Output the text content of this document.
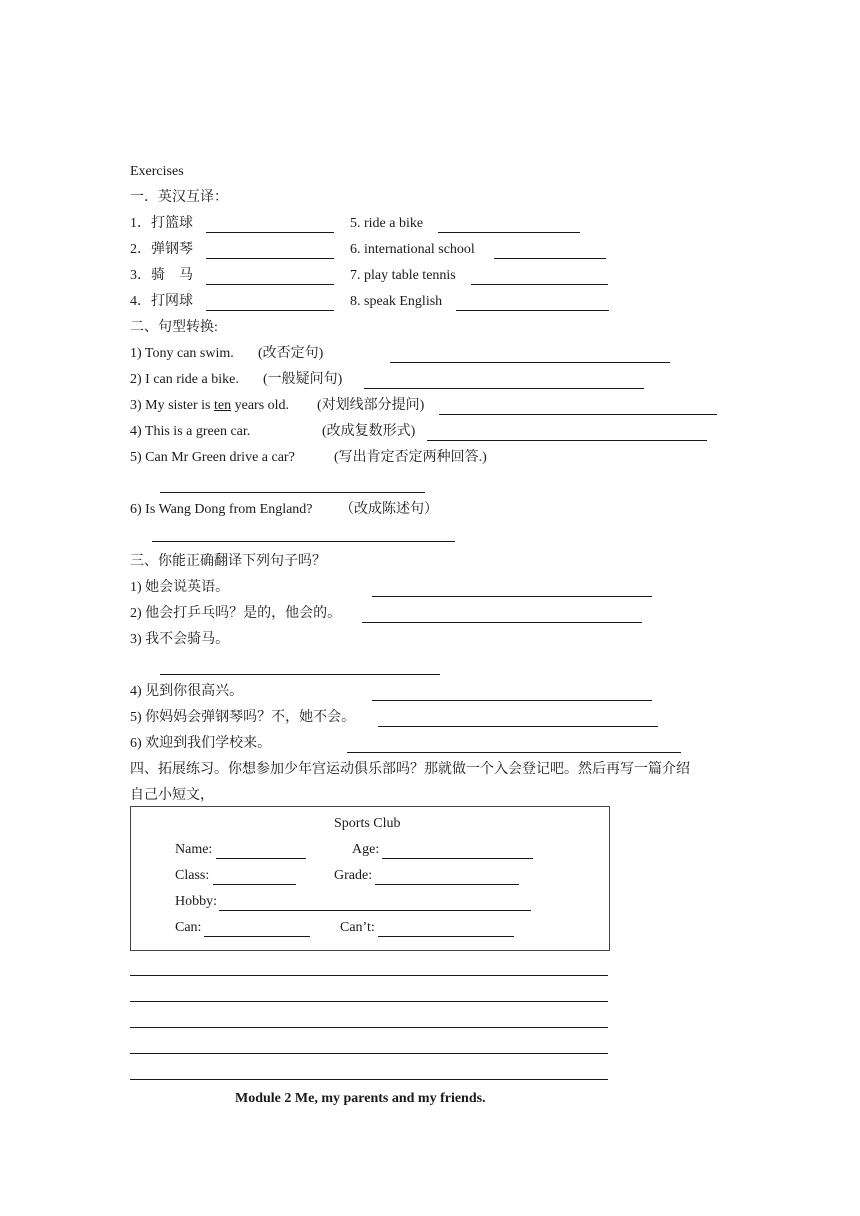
Exercises
一．英汉互译：
1．打篮球	5. ride a bike
2．弹钢琴	6. international school
3．骑　马	7. play table tennis
4．打网球	8. speak English
二、句型转换:
1) Tony can swim. (改否定句)
2) I can ride a bike. (一般疑问句)
3) My sister is ten years old. (对划线部分提问)
4) This is a green car.	(改成复数形式)
5) Can Mr Green drive a car?	(写出肯定否定两种回答.)
6) Is Wang Dong from England? （改成陈述句）
三、你能正确翻译下列句子吗？
1) 她会说英语。
2) 他会打乒乓吗？是的，他会的。
3) 我不会骑马。
4) 见到你很高兴。
5) 你妈妈会弹钢琴吗？不，她不会。
6) 欢迎到我们学校来。
四、拓展练习。你想参加少年宫运动俱乐部吗？那就做一个入会登记吧。然后再写一篇介绍
自己小短文，
Sports Club
Name:	Age:
Class:	Grade:
Hobby:
Can:	Can’t:
Module 2 Me, my parents and my friends.
